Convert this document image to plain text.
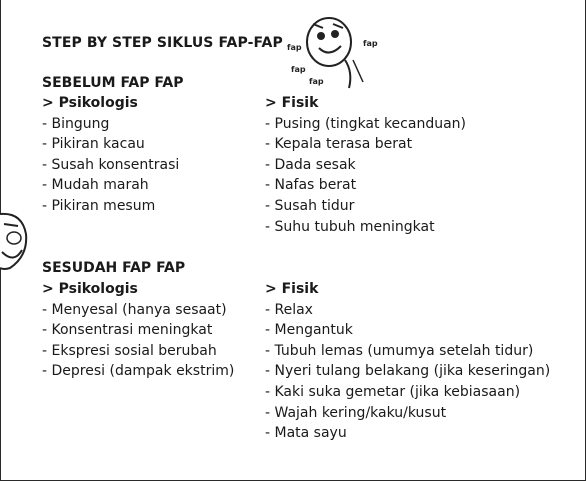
STEP BY STEP SIKLUS FAP-FAP fap
fap
fap
fap
SEBELUM FAP FAP
> Psikologis
- Bingung
- Pikiran kacau
- Susah konsentrasi
- Mudah marah
- Pikiran mesum
> Fisik
- Pusing (tingkat kecanduan)
- Kepala terasa berat
- Dada sesak
- Nafas berat
- Susah tidur
- Suhu tubuh meningkat
SESUDAH FAP FAP
> Psikologis
- Menyesal (hanya sesaat)
- Konsentrasi meningkat
- Ekspresi sosial berubah
- Depresi (dampak ekstrim)
> Fisik
- Relax
- Mengantuk
- Tubuh lemas (umumya setelah tidur)
- Nyeri tulang belakang (jika keseringan)
- Kaki suka gemetar (jika kebiasaan)
- Wajah kering/kaku/kusut
- Mata sayu
